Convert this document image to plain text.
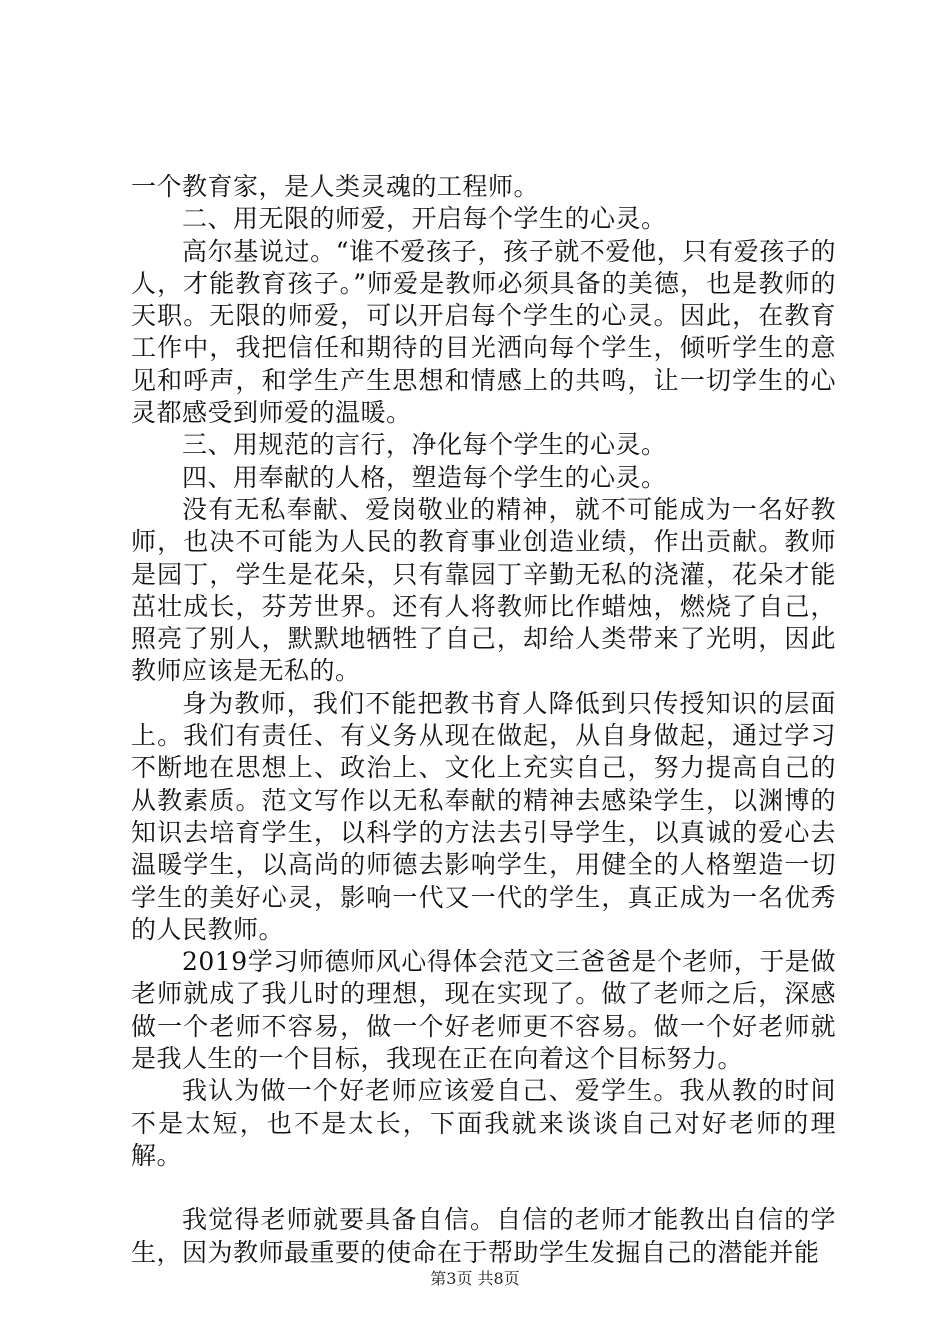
一个教育家，是人类灵魂的工程师。

二、用无限的师爱，开启每个学生的心灵。

高尔基说过。“谁不爱孩子，孩子就不爱他，只有爱孩子的人，才能教育孩子。”师爱是教师必须具备的美德，也是教师的天职。无限的师爱，可以开启每个学生的心灵。因此，在教育工作中，我把信任和期待的目光洒向每个学生，倾听学生的意见和呼声，和学生产生思想和情感上的共鸣，让一切学生的心灵都感受到师爱的温暖。

三、用规范的言行，净化每个学生的心灵。

四、用奉献的人格，塑造每个学生的心灵。

没有无私奉献、爱岗敬业的精神，就不可能成为一名好教师，也决不可能为人民的教育事业创造业绩，作出贡献。教师是园丁，学生是花朵，只有靠园丁辛勤无私的浇灌，花朵才能茁壮成长，芬芳世界。还有人将教师比作蜡烛，燃烧了自己，照亮了别人，默默地牺牲了自己，却给人类带来了光明，因此教师应该是无私的。

身为教师，我们不能把教书育人降低到只传授知识的层面上。我们有责任、有义务从现在做起，从自身做起，通过学习不断地在思想上、政治上、文化上充实自己，努力提高自己的从教素质。范文写作以无私奉献的精神去感染学生，以渊博的知识去培育学生，以科学的方法去引导学生，以真诚的爱心去温暖学生，以高尚的师德去影响学生，用健全的人格塑造一切学生的美好心灵，影响一代又一代的学生，真正成为一名优秀的人民教师。

2019学习师德师风心得体会范文三爸爸是个老师，于是做老师就成了我儿时的理想，现在实现了。做了老师之后，深感做一个老师不容易，做一个好老师更不容易。做一个好老师就是我人生的一个目标，我现在正在向着这个目标努力。

我认为做一个好老师应该爱自己、爱学生。我从教的时间不是太短，也不是太长，下面我就来谈谈自己对好老师的理解。

我觉得老师就要具备自信。自信的老师才能教出自信的学生，因为教师最重要的使命在于帮助学生发掘自己的潜能并能

第3页 共8页
